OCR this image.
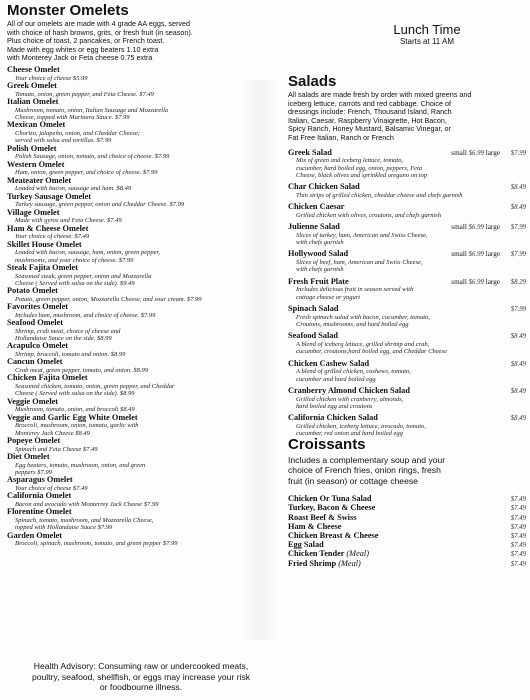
Monster Omelets
All of our omelets are made with 4 grade AA eggs, served
with choice of hash browns, grits, or fresh fruit (in season).
Plus choice of toast, 2 pancakes, or French toast.
Made with egg whites or egg beaters 1.10 extra
with Monterey Jack or Feta cheese 0.75 extra
Cheese Omelet
Your choice of cheese $5.99
Greek Omelet
Tomato, onion, green pepper, and Feta Cheese. $7.49
Italian Omelet
Mushroom, tomato, onion, Italian Sausage and Mozzarella
Cheese, topped with Marinara Sauce. $7.99
Mexican Omelet
Chorizo, jalapeño, onion, and Cheddar Cheese;
served with salsa and tortillas. $7.99
Polish Omelet
Polish Sausage, onion, tomato, and choice of cheese. $7.99
Western Omelet
Ham, onion, green pepper, and choice of cheese. $7.99
Meateater Omelet
Loaded with bacon, sausage and ham. $8.49
Turkey Sausage Omelet
Turkey sausage, green pepper, onion and Cheddar Cheese. $7.99
Village Omelet
Made with gyros and Feta Cheese. $7.49
Ham & Cheese Omelet
Your choice of cheese. $7.49
Skillet House Omelet
Loaded with bacon, sausage, ham, onion, green pepper,
mushrooms, and your choice of cheese. $7.99
Steak Fajita Omelet
Seasoned steak, green pepper, onion and Mozzarella
Cheese ( Served with salsa on the side). $9.49
Potato Omelet
Potato, green pepper, onion, Mozzarella Cheese, and sour cream. $7.99
Favorites Omelet
Includes ham, mushroom, and choice of cheese. $7.99
Seafood Omelet
Shrimp, crab meat, choice of cheese and
Hollandaise Sauce on the side. $8.99
Acapulco Omelet
Shrimp, broccoli, tomato and onion. $8.99
Cancun Omelet
Crab meat, green pepper, tomato, and onion. $8.99
Chicken Fajita Omelet
Seasoned chicken, tomato, onion, green pepper, and Cheddar
Cheese ( Served with salsa on the side). $8.99
Veggie Omelet
Mushroom, tomato, onion, and broccoli $8.49
Veggie and Garlic Egg White Omelet
Broccoli, mushroom, onion, tomato, garlic with
Monterey Jack Cheese $8.49
Popeye Omelet
Spinach and Feta Cheese $7.49
Diet Omelet
Egg beaters, tomato, mushroom, onion, and green
peppers $7.99
Asparagus Omelet
Your choice of cheese $7.49
California Omelet
Bacon and avocado with Monterrey Jack Cheese $7.99
Florentine Omelet
Spinach, tomato, mushroom, and Mozzarella Cheese,
topped with Hollandaise Sauce $7.99
Garden Omelet
Broccoli, spinach, mushroom, tomato, and green pepper $7.99
Health Advisory: Consuming raw or undercooked meats,
poultry, seafood, shellfish, or eggs may increase your risk
or foodbourne illness.
Lunch Time
Starts at 11 AM
Salads
All salads are made fresh by order with mixed greens and
iceberg lettuce, carrots and red cabbage. Choice of
dressings include: French, Thousand Island, Ranch
Italian, Caesar, Raspberry Vinaigrette, Hot Bacon,
Spicy Ranch, Honey Mustard, Balsamic Vinegar, or
Fat Free Italian, Ranch or French
Greek Salad	small $6.99 large	$7.99
Mix of green and iceberg lettuce, tomato,
cucumber, hard boiled egg, onion, peppers, Feta
Cheese, black olives and sprinkled oregano on top
Char Chicken Salad	$8.49
Thin strips of grilled chicken, cheddar cheese and chefs garnish
Chicken Caesar	$8.49
Grilled chicken with olives, croutons, and chefs garnish
Julienne Salad	small $6.99 large	$7.99
Slices of turkey, ham, American and Swiss Cheese,
with chefs garnish
Hollywood Salad	small $6.99 large	$7.99
Slices of beef, ham, American and Swiss Cheese,
with chefs garnish
Fresh Fruit Plate	small $6.99 large	$8.29
Includes delicious fruit in season served with
cottage cheese or yogurt
Spinach Salad	$7.99
Fresh spinach salad with bacon, cucumber, tomato,
Croutons, mushrooms, and hard boiled egg
Seafood Salad	$8.49
A blend of iceberg lettuce, grilled shrimp and crab,
cucumber, croutons,hard boiled egg, and Cheddar Cheese
Chicken Cashew Salad	$8.49
A blend of grilled chicken, cashews, tomato,
cucumber and hard boiled egg
Cranberry Almond Chicken Salad	$8.49
Grilled chicken with cranberry, almonds,
hard boiled egg and croutons
California Chicken Salad	$8.49
Grilled chicken, iceberg lettuce, avocado, tomato,
cucumber, red onion and hard boiled egg
Croissants
Includes a complementary soup and your
choice of French fries, onion rings, fresh
fruit (in season) or cottage cheese
Chicken Or Tuna Salad	$7.49
Turkey, Bacon & Cheese	$7.49
Roast Beef & Swiss	$7.49
Ham & Cheese	$7.49
Chicken Breast & Cheese	$7.49
Egg Salad	$7.49
Chicken Tender (Meal)	$7.49
Fried Shrimp (Meal)	$7.49
